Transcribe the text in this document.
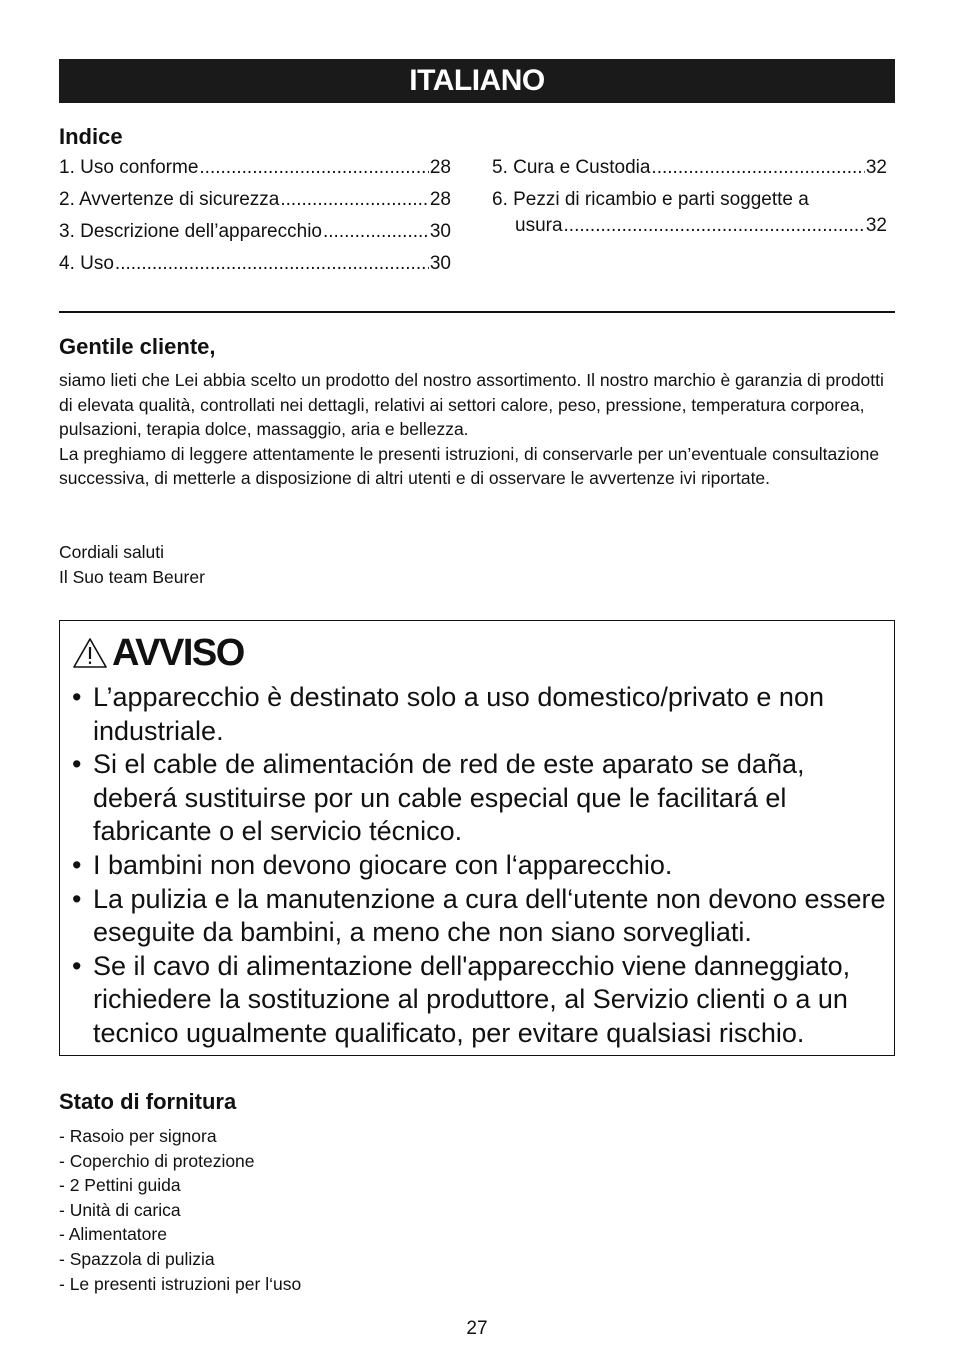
ITALIANO
Indice
1. Uso conforme .....	28
2. Avvertenze di sicurezza .....	28
3. Descrizione dell’apparecchio .....	30
4. Uso .....	30
5. Cura e Custodia .....	32
6. Pezzi di ricambio e parti soggette a
usura .....	32
Gentile cliente,

siamo lieti che Lei abbia scelto un prodotto del nostro assortimento. Il nostro marchio è garanzia di prodotti di elevata qualità, controllati nei dettagli, relativi ai settori calore, peso, pressione, temperatura corporea, pulsazioni, terapia dolce, massaggio, aria e bellezza.

La preghiamo di leggere attentamente le presenti istruzioni, di conservarle per un’eventuale consultazione successiva, di metterle a disposizione di altri utenti e di osservare le avvertenze ivi riportate.

Cordiali saluti
Il Suo team Beurer
AVVISO
• L’apparecchio è destinato solo a uso domestico/privato e non industriale.
• Si el cable de alimentación de red de este aparato se daña, deberá sustituirse por un cable especial que le facilitará el fabricante o el servicio técnico.
• I bambini non devono giocare con l‘apparecchio.
• La pulizia e la manutenzione a cura dell‘utente non devono essere eseguite da bambini, a meno che non siano sorvegliati.
• Se il cavo di alimentazione dell'apparecchio viene danneggiato, richiedere la sostituzione al produttore, al Servizio clienti o a un tecnico ugualmente qualificato, per evitare qualsiasi rischio.
Stato di fornitura
- Rasoio per signora
- Coperchio di protezione
- 2 Pettini guida
- Unità di carica
- Alimentatore
- Spazzola di pulizia
- Le presenti istruzioni per l‘uso
27
